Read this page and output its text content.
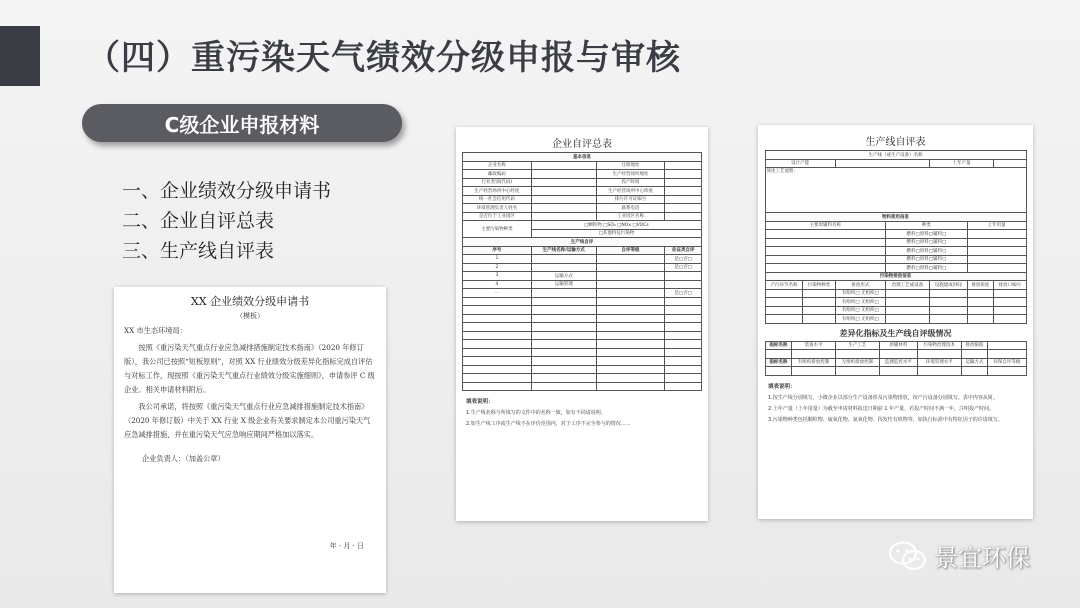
（四）重污染天气绩效分级申报与审核
C级企业申报材料
一、企业绩效分级申请书
二、企业自评总表
三、生产线自评表
XX 企业绩效分级申请书
（模板）

XX 市生态环境局：

按照《重污染天气重点行业应急减排措施制定技术指南》（2020 年修订版），我公司已按照“短板原则”，对照 XX 行业绩效分级差异化指标完成自评估与对标工作，现按照《重污染天气重点行业绩效分级实施细则》，申请参评 C 级企业。相关申请材料附后。

我公司承诺，将按照《重污染天气重点行业应急减排措施制定技术指南》（2020 年修订版）中关于 XX 行业 X 级企业有关要求制定本公司重污染天气应急减排措施，并在重污染天气应急响应期间严格加以落实。

企业负责人：（加盖公章）
年 · 月 · 日
企业自评总表
基本信息			
企业名称		注册地址	
邮政编码		生产经营场所地址	
行业类别(代码)		投产时间	
生产经营场所中心经度		生产经营场所中心纬度	
统一社会信用代码		排污许可证编号	
环境管理负责人姓名		联系电话	
是否位于工业园区		工业园区名称	
主要污染物种类	□颗粒物 □SO₂ □NOx □VOCs		
	□其他特征污染物		
生产线自评			
序号	生产线名称/运输方式	自评等级	佐证类自评
1			是□否□
2			是□否□
3	运输方式		
4	运输管理		
...			是□否□

填表说明：
1.生产线名称与所填写的文件中的名称一致，如有不同请说明。
2.如生产线工序或生产线不在评价范围内，对于工序不完全参与的情况……
生产线自评表
生产线（或生产设备）名称						
设计产能				上年产量		
简述工艺流程：						
物料使用信息						
主要原辅料名称			种类		上年用量	
			燃料□原料□辅料□			
			燃料□原料□辅料□			
			燃料□原料□辅料□			
			燃料□原料□辅料□			
			燃料□原料□辅料□			
污染物排放信息						
产污环节名称	污染物种类	排放形式	治理工艺或设备	设施建成时间	排放浓度	排放口编号
		有组织□ 无组织□				
		有组织□ 无组织□				
		有组织□ 无组织□				
		有组织□ 无组织□				
差异化指标及生产线自评级情况
指标名称	装备水平	生产工艺	原辅材料	污染物治理技术	排放限值	

指标名称	有组织排放控制	无组织排放控制	监测监控水平	环境管理水平	运输方式	环保自评等级

填表说明：
1.按生产线分别填写，小微企业以部分生产设备涉及污染物排放，按产污设备分别填写。表中内容从简。
2.上年产量（上年用量）为截至申请材料报送日期前 1 年产量，若投产时间不满一年，注明投产时间。
3.污染物种类包括颗粒物、硫氧化物、氮氧化物、挥发性有机物等，如执行标准中有特征因子的许请填写。
景宜环保
